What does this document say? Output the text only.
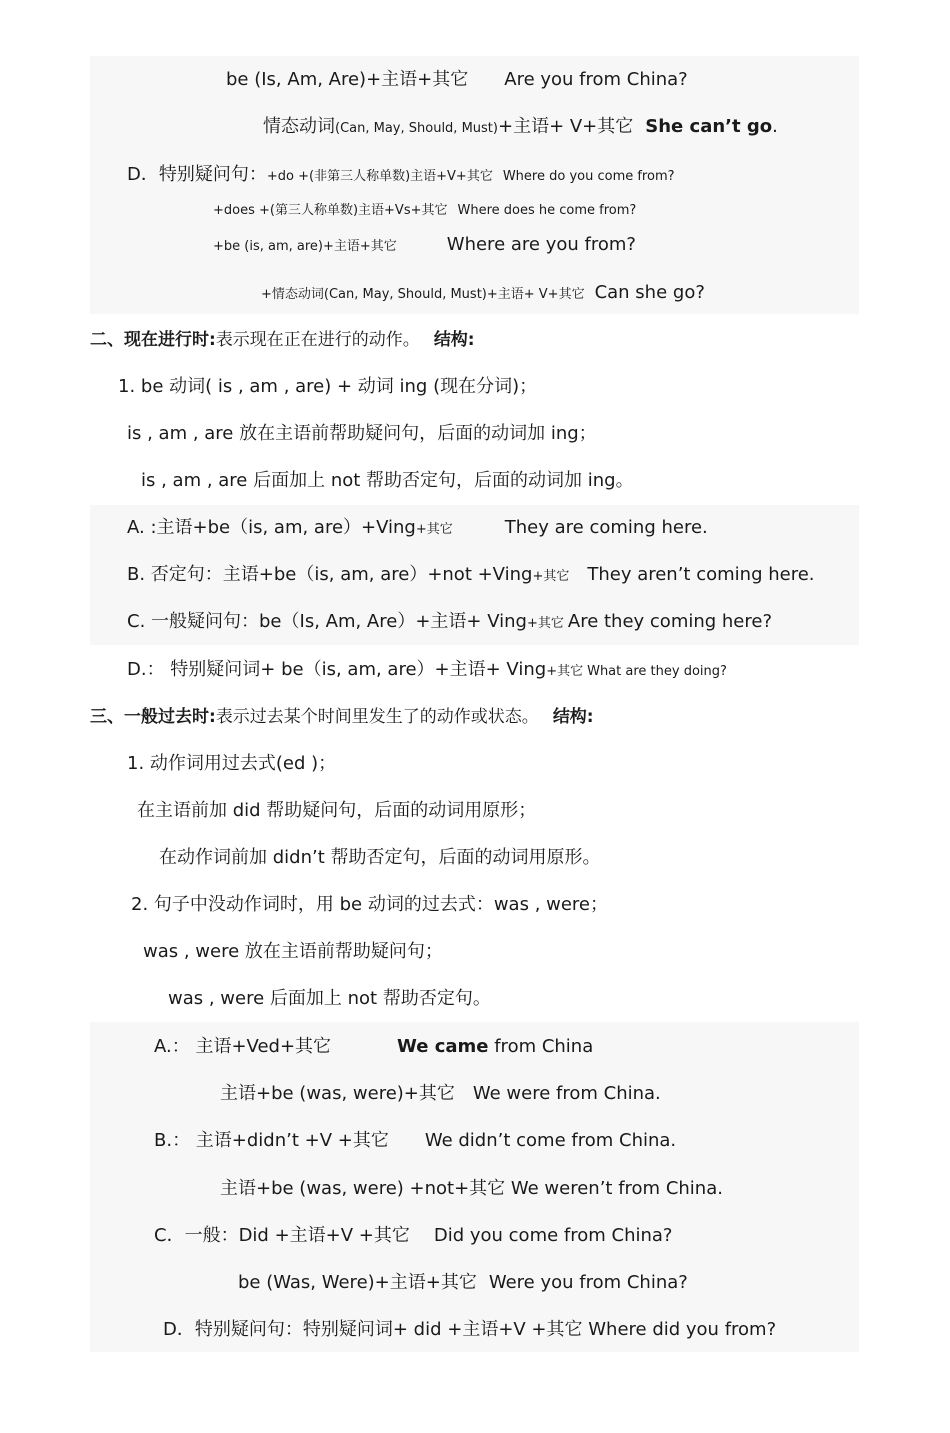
be (Is, Am, Are)+主语+其它 Are you from China?
情态动词(Can, May, Should, Must)+主语+ V+其它 She can’t go.
D．特别疑问句：+do +(非第三人称单数)主语+V+其它 Where do you come from?
+does +(第三人称单数)主语+Vs+其它 Where does he come from?
+be (is, am, are)+主语+其它	Where are you from?
+情态动词(Can, May, Should, Must)+主语+ V+其它 Can she go?
二、现在进行时:表示现在正在进行的动作。 结构:
1. be 动词( is , am , are) + 动词 ing (现在分词)；
is , am , are 放在主语前帮助疑问句，后面的动词加 ing；
is , am , are 后面加上 not 帮助否定句，后面的动词加 ing。
A. :主语+be（is, am, are）+Ving+其它	They are coming here.
B. 否定句：主语+be（is, am, are）+not +Ving+其它 They aren’t coming here.
C. 一般疑问句：be（Is, Am, Are）+主语+ Ving+其它 Are they coming here?
D.： 特别疑问词+ be（is, am, are）+主语+ Ving+其它 What are they doing?
三、一般过去时:表示过去某个时间里发生了的动作或状态。 结构:
1. 动作词用过去式(ed )；
在主语前加 did 帮助疑问句，后面的动词用原形；
在动作词前加 didn’t 帮助否定句，后面的动词用原形。
2. 句子中没动作词时，用 be 动词的过去式：was , were；
was , were 放在主语前帮助疑问句；
was , were 后面加上 not 帮助否定句。
A.： 主语+Ved+其它	We came from China
主语+be (was, were)+其它 We were from China.
B.： 主语+didn’t +V +其它 We didn’t come from China.
主语+be (was, were) +not+其它 We weren’t from China.
C．一般：Did +主语+V +其它 Did you come from China?
be (Was, Were)+主语+其它 Were you from China?
D．特别疑问句：特别疑问词+ did +主语+V +其它 Where did you from?
